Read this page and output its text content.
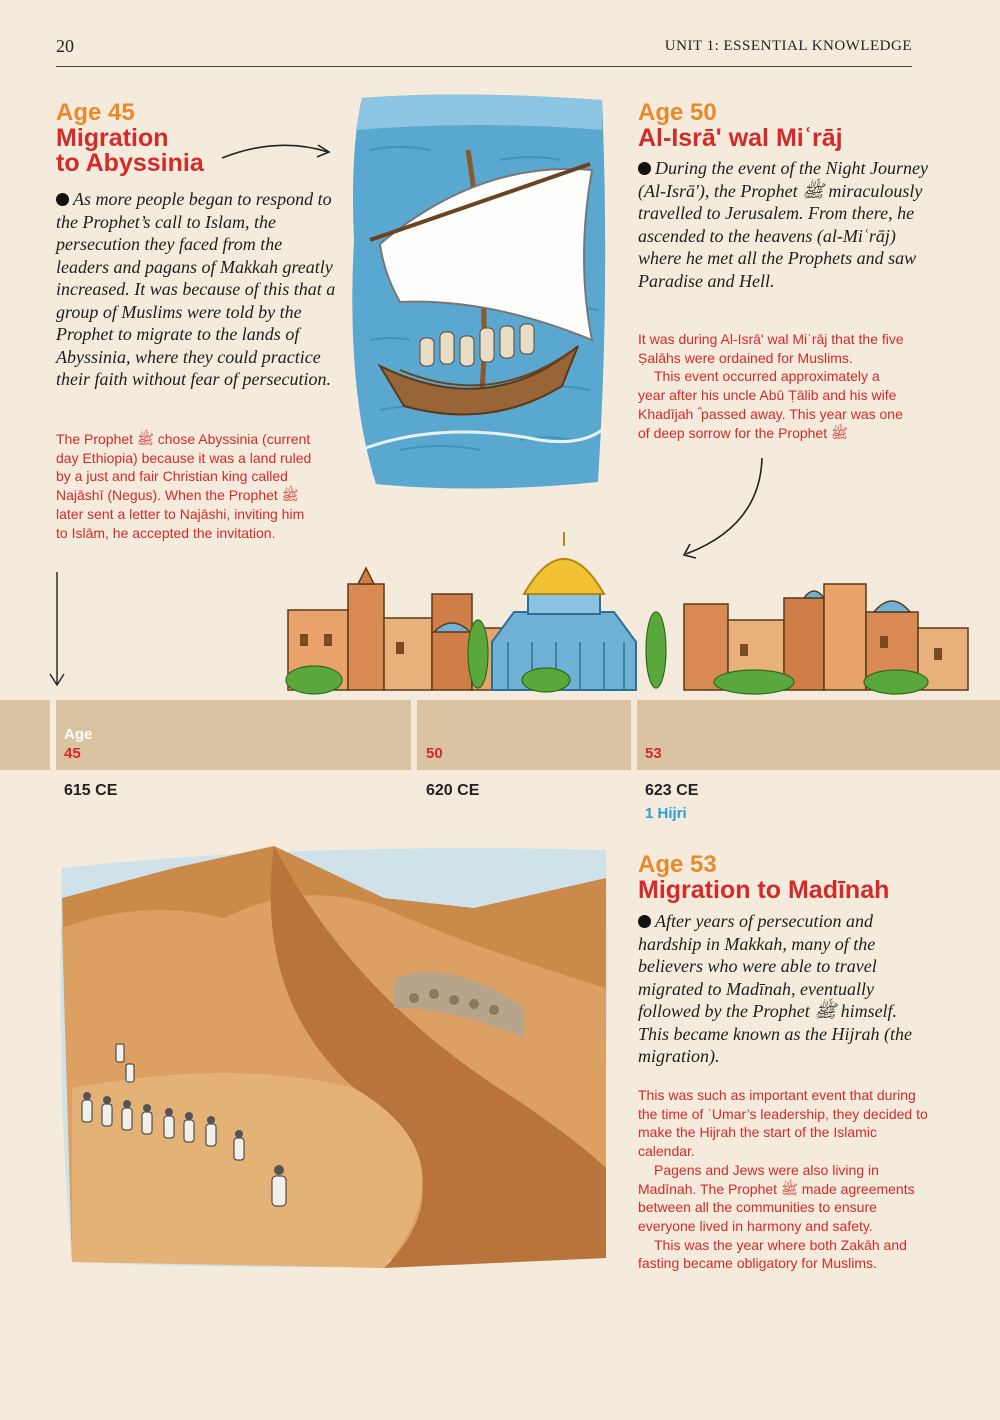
20	UNIT 1: ESSENTIAL KNOWLEDGE
Age 45
Migration
to Abyssinia
As more people began to respond to the Prophet’s call to Islam, the persecution they faced from the leaders and pagans of Makkah greatly increased. It was because of this that a group of Muslims were told by the Prophet to migrate to the lands of Abyssinia, where they could practice their faith without fear of persecution.
The Prophet ﷺ chose Abyssinia (current day Ethiopia) because it was a land ruled by a just and fair Christian king called Najāshī (Negus). When the Prophet ﷺ later sent a letter to Najāshi, inviting him to Islām, he accepted the invitation.
Age 50
Al-Isrā' wal Miʿrāj
During the event of the Night Journey (Al-Isrā'), the Prophet ﷺ miraculously travelled to Jerusalem. From there, he ascended to the heavens (al-Miʿrāj) where he met all the Prophets and saw Paradise and Hell.

It was during Al-Isrā' wal Miʿrāj that the five Ṣalāhs were ordained for Muslims.

This event occurred approximately a year after his uncle Abū Ṭālib and his wife Khadījah ؓ passed away. This year was one of deep sorrow for the Prophet ﷺ

Age
45	50	53
615 CE	620 CE	623 CE
1 Hijri
Age 53
Migration to Madīnah
After years of persecution and hardship in Makkah, many of the believers who were able to travel migrated to Madīnah, eventually followed by the Prophet ﷺ himself. This became known as the Hijrah (the migration).

This was such as important event that during the time of ʿUmar’s leadership, they decided to make the Hijrah the start of the Islamic calendar.

Pagens and Jews were also living in Madīnah. The Prophet ﷺ made agreements between all the communities to ensure everyone lived in harmony and safety.

This was the year where both Zakāh and fasting became obligatory for Muslims.
